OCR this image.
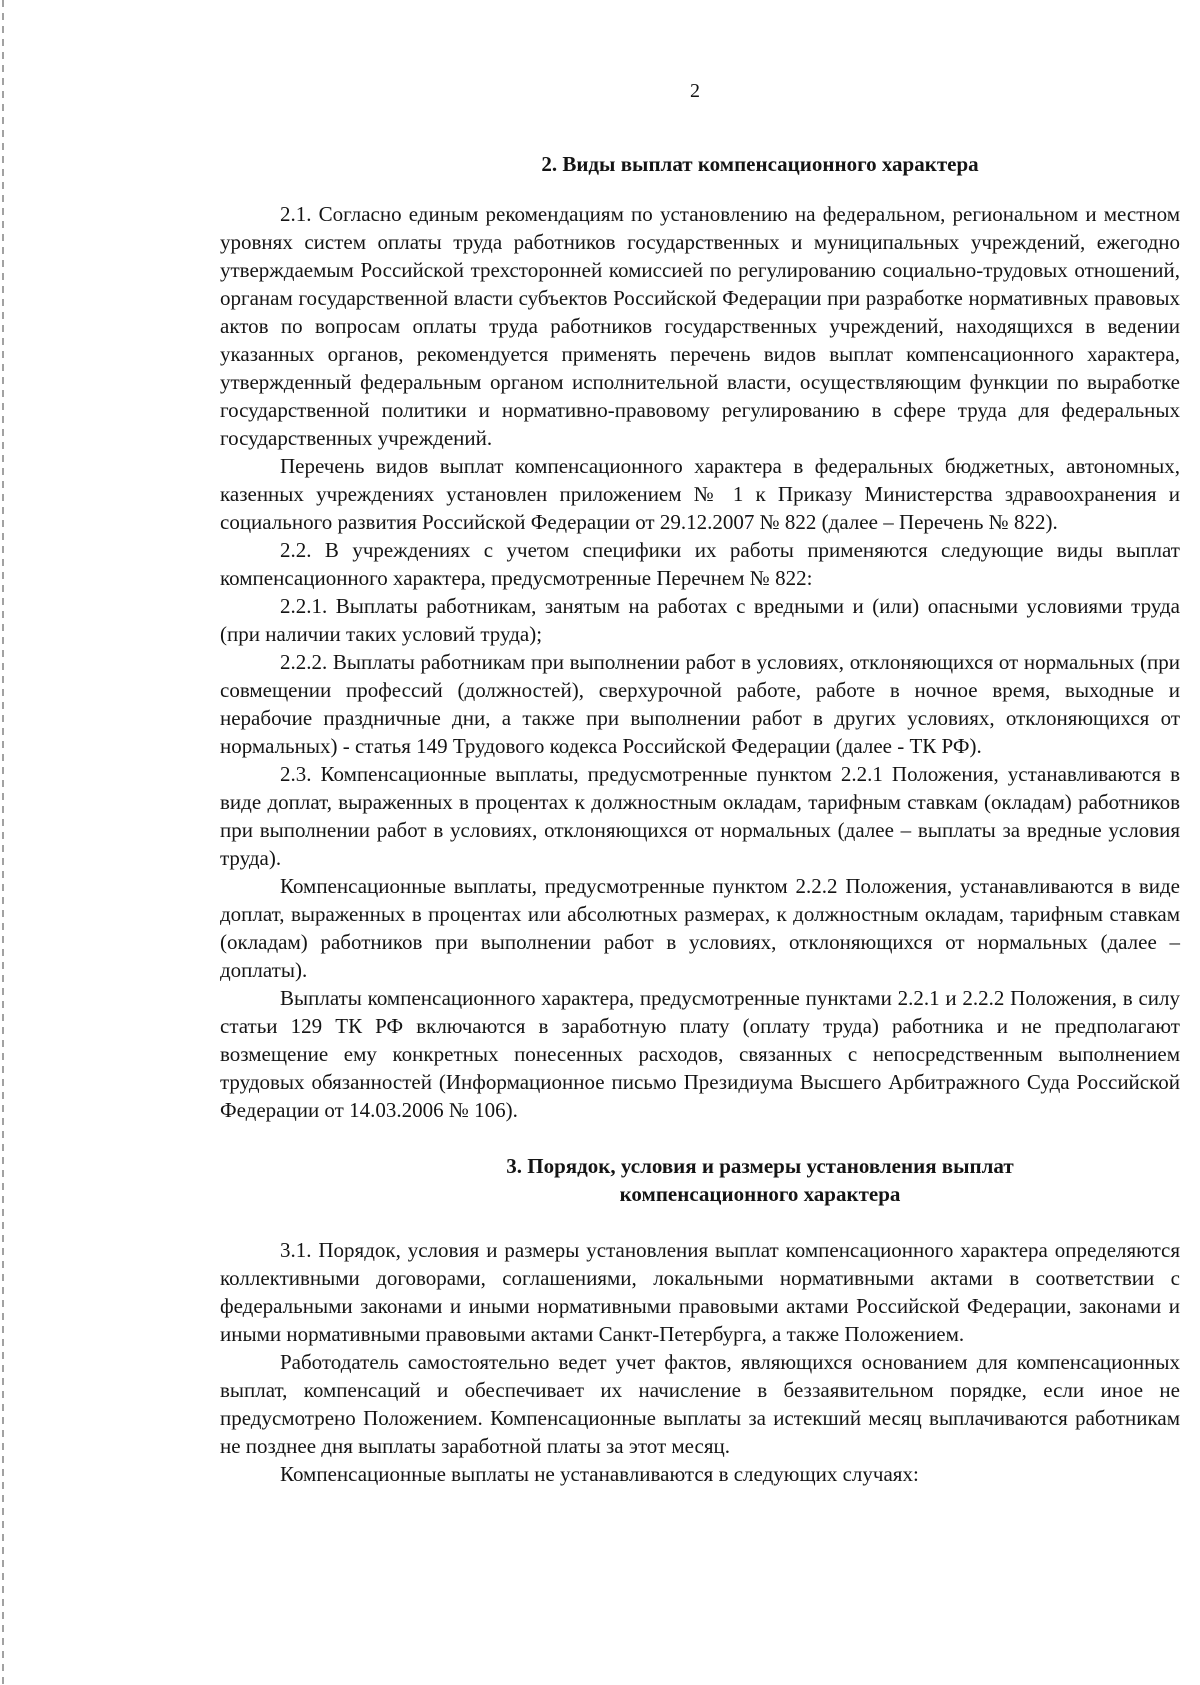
2
2. Виды выплат компенсационного характера

2.1. Согласно единым рекомендациям по установлению на федеральном, региональном и местном уровнях систем оплаты труда работников государственных и муниципальных учреждений, ежегодно утверждаемым Российской трехсторонней комиссией по регулированию социально-трудовых отношений, органам государственной власти субъектов Российской Федерации при разработке нормативных правовых актов по вопросам оплаты труда работников государственных учреждений, находящихся в ведении указанных органов, рекомендуется применять перечень видов выплат компенсационного характера, утвержденный федеральным органом исполнительной власти, осуществляющим функции по выработке государственной политики и нормативно-правовому регулированию в сфере труда для федеральных государственных учреждений.

Перечень видов выплат компенсационного характера в федеральных бюджетных, автономных, казенных учреждениях установлен приложением № 1 к Приказу Министерства здравоохранения и социального развития Российской Федерации от 29.12.2007 № 822 (далее – Перечень № 822).

2.2. В учреждениях с учетом специфики их работы применяются следующие виды выплат компенсационного характера, предусмотренные Перечнем № 822:

2.2.1. Выплаты работникам, занятым на работах с вредными и (или) опасными условиями труда (при наличии таких условий труда);

2.2.2. Выплаты работникам при выполнении работ в условиях, отклоняющихся от нормальных (при совмещении профессий (должностей), сверхурочной работе, работе в ночное время, выходные и нерабочие праздничные дни, а также при выполнении работ в других условиях, отклоняющихся от нормальных) - статья 149 Трудового кодекса Российской Федерации (далее - ТК РФ).

2.3. Компенсационные выплаты, предусмотренные пунктом 2.2.1 Положения, устанавливаются в виде доплат, выраженных в процентах к должностным окладам, тарифным ставкам (окладам) работников при выполнении работ в условиях, отклоняющихся от нормальных (далее – выплаты за вредные условия труда).

Компенсационные выплаты, предусмотренные пунктом 2.2.2 Положения, устанавливаются в виде доплат, выраженных в процентах или абсолютных размерах, к должностным окладам, тарифным ставкам (окладам) работников при выполнении работ в условиях, отклоняющихся от нормальных (далее – доплаты).

Выплаты компенсационного характера, предусмотренные пунктами 2.2.1 и 2.2.2 Положения, в силу статьи 129 ТК РФ включаются в заработную плату (оплату труда) работника и не предполагают возмещение ему конкретных понесенных расходов, связанных с непосредственным выполнением трудовых обязанностей (Информационное письмо Президиума Высшего Арбитражного Суда Российской Федерации от 14.03.2006 № 106).

3. Порядок, условия и размеры установления выплат
компенсационного характера

3.1. Порядок, условия и размеры установления выплат компенсационного характера определяются коллективными договорами, соглашениями, локальными нормативными актами в соответствии с федеральными законами и иными нормативными правовыми актами Российской Федерации, законами и иными нормативными правовыми актами Санкт-Петербурга, а также Положением.

Работодатель самостоятельно ведет учет фактов, являющихся основанием для компенсационных выплат, компенсаций и обеспечивает их начисление в беззаявительном порядке, если иное не предусмотрено Положением. Компенсационные выплаты за истекший месяц выплачиваются работникам не позднее дня выплаты заработной платы за этот месяц.

Компенсационные выплаты не устанавливаются в следующих случаях:
